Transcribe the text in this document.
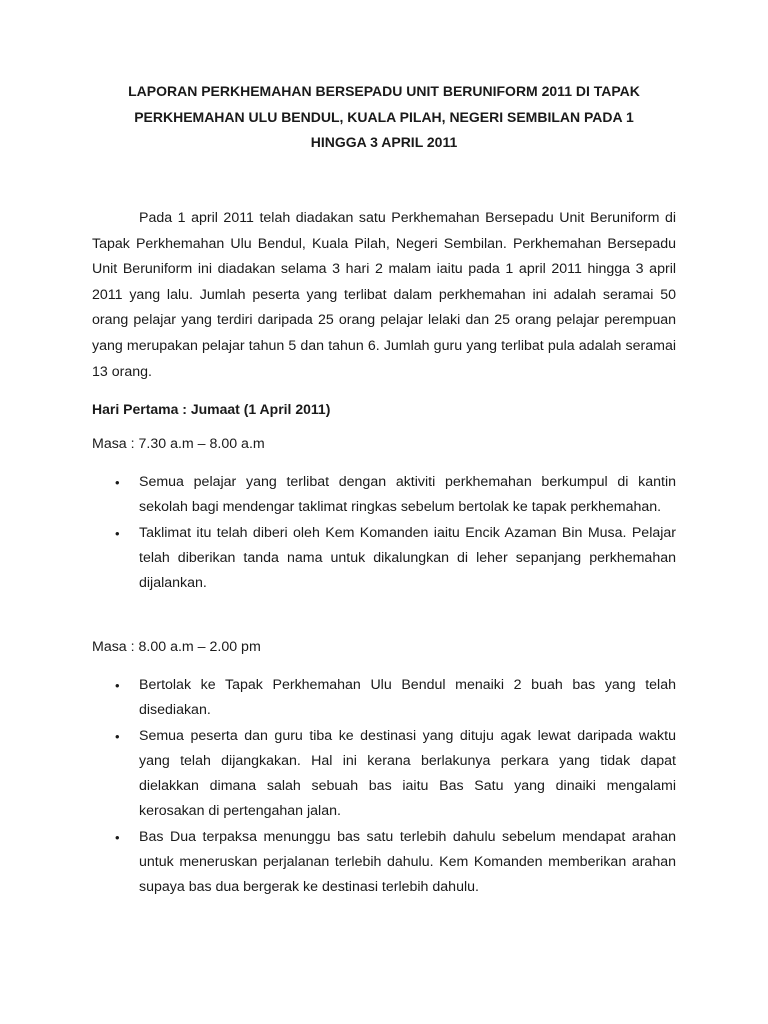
LAPORAN PERKHEMAHAN BERSEPADU UNIT BERUNIFORM 2011 DI TAPAK
PERKHEMAHAN ULU BENDUL, KUALA PILAH, NEGERI SEMBILAN PADA 1
HINGGA 3 APRIL 2011

Pada 1 april 2011 telah diadakan satu Perkhemahan Bersepadu Unit Beruniform di Tapak Perkhemahan Ulu Bendul, Kuala Pilah, Negeri Sembilan. Perkhemahan Bersepadu Unit Beruniform ini diadakan selama 3 hari 2 malam iaitu pada 1 april 2011 hingga 3 april 2011 yang lalu. Jumlah peserta yang terlibat dalam perkhemahan ini adalah seramai 50 orang pelajar yang terdiri daripada 25 orang pelajar lelaki dan 25 orang pelajar perempuan yang merupakan pelajar tahun 5 dan tahun 6. Jumlah guru yang terlibat pula adalah seramai 13 orang.

Hari Pertama : Jumaat (1 April 2011)

Masa : 7.30 a.m – 8.00 a.m

• Semua pelajar yang terlibat dengan aktiviti perkhemahan berkumpul di kantin sekolah bagi mendengar taklimat ringkas sebelum bertolak ke tapak perkhemahan.
• Taklimat itu telah diberi oleh Kem Komanden iaitu Encik Azaman Bin Musa. Pelajar telah diberikan tanda nama untuk dikalungkan di leher sepanjang perkhemahan dijalankan.

Masa : 8.00 a.m – 2.00 pm

• Bertolak ke Tapak Perkhemahan Ulu Bendul menaiki 2 buah bas yang telah disediakan.
• Semua peserta dan guru tiba ke destinasi yang dituju agak lewat daripada waktu yang telah dijangkakan. Hal ini kerana berlakunya perkara yang tidak dapat dielakkan dimana salah sebuah bas iaitu Bas Satu yang dinaiki mengalami kerosakan di pertengahan jalan.
• Bas Dua terpaksa menunggu bas satu terlebih dahulu sebelum mendapat arahan untuk meneruskan perjalanan terlebih dahulu. Kem Komanden memberikan arahan supaya bas dua bergerak ke destinasi terlebih dahulu.
